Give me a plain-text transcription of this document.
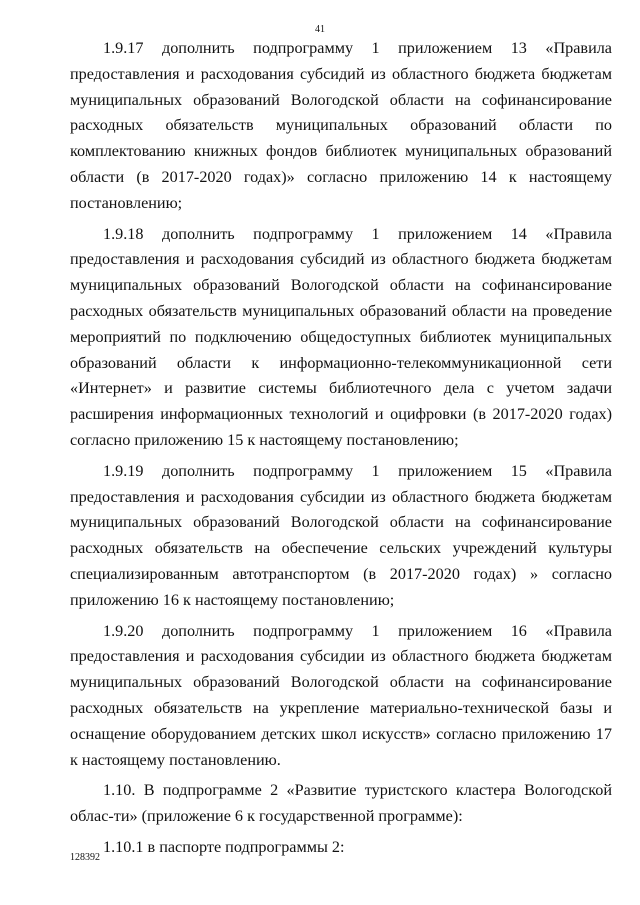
41

1.9.17 дополнить подпрограмму 1 приложением 13 «Правила предоставления и расходования субсидий из областного бюджета бюджетам муниципальных образований Вологодской области на софинансирование расходных обязательств муниципальных образований области по комплектованию книжных фондов библиотек муниципальных образований области (в 2017-2020 годах)» согласно приложению 14 к настоящему постановлению;

1.9.18 дополнить подпрограмму 1 приложением 14 «Правила предоставления и расходования субсидий из областного бюджета бюджетам муниципальных образований Вологодской области на софинансирование расходных обязательств муниципальных образований области на проведение мероприятий по подключению общедоступных библиотек муниципальных образований области к информационно-телекоммуникационной сети «Интернет» и развитие системы библиотечного дела с учетом задачи расширения информационных технологий и оцифровки (в 2017-2020 годах) согласно приложению 15 к настоящему постановлению;

1.9.19 дополнить подпрограмму 1 приложением 15 «Правила предоставления и расходования субсидии из областного бюджета бюджетам муниципальных образований Вологодской области на софинансирование расходных обязательств на обеспечение сельских учреждений культуры специализированным автотранспортом (в 2017-2020 годах) » согласно приложению 16 к настоящему постановлению;

1.9.20 дополнить подпрограмму 1 приложением 16 «Правила предоставления и расходования субсидии из областного бюджета бюджетам муниципальных образований Вологодской области на софинансирование расходных обязательств на укрепление материально-технической базы и оснащение оборудованием детских школ искусств» согласно приложению 17 к настоящему постановлению.

1.10. В подпрограмме 2 «Развитие туристского кластера Вологодской облас-ти» (приложение 6 к государственной программе):

1.10.1 в паспорте подпрограммы 2:

128392
